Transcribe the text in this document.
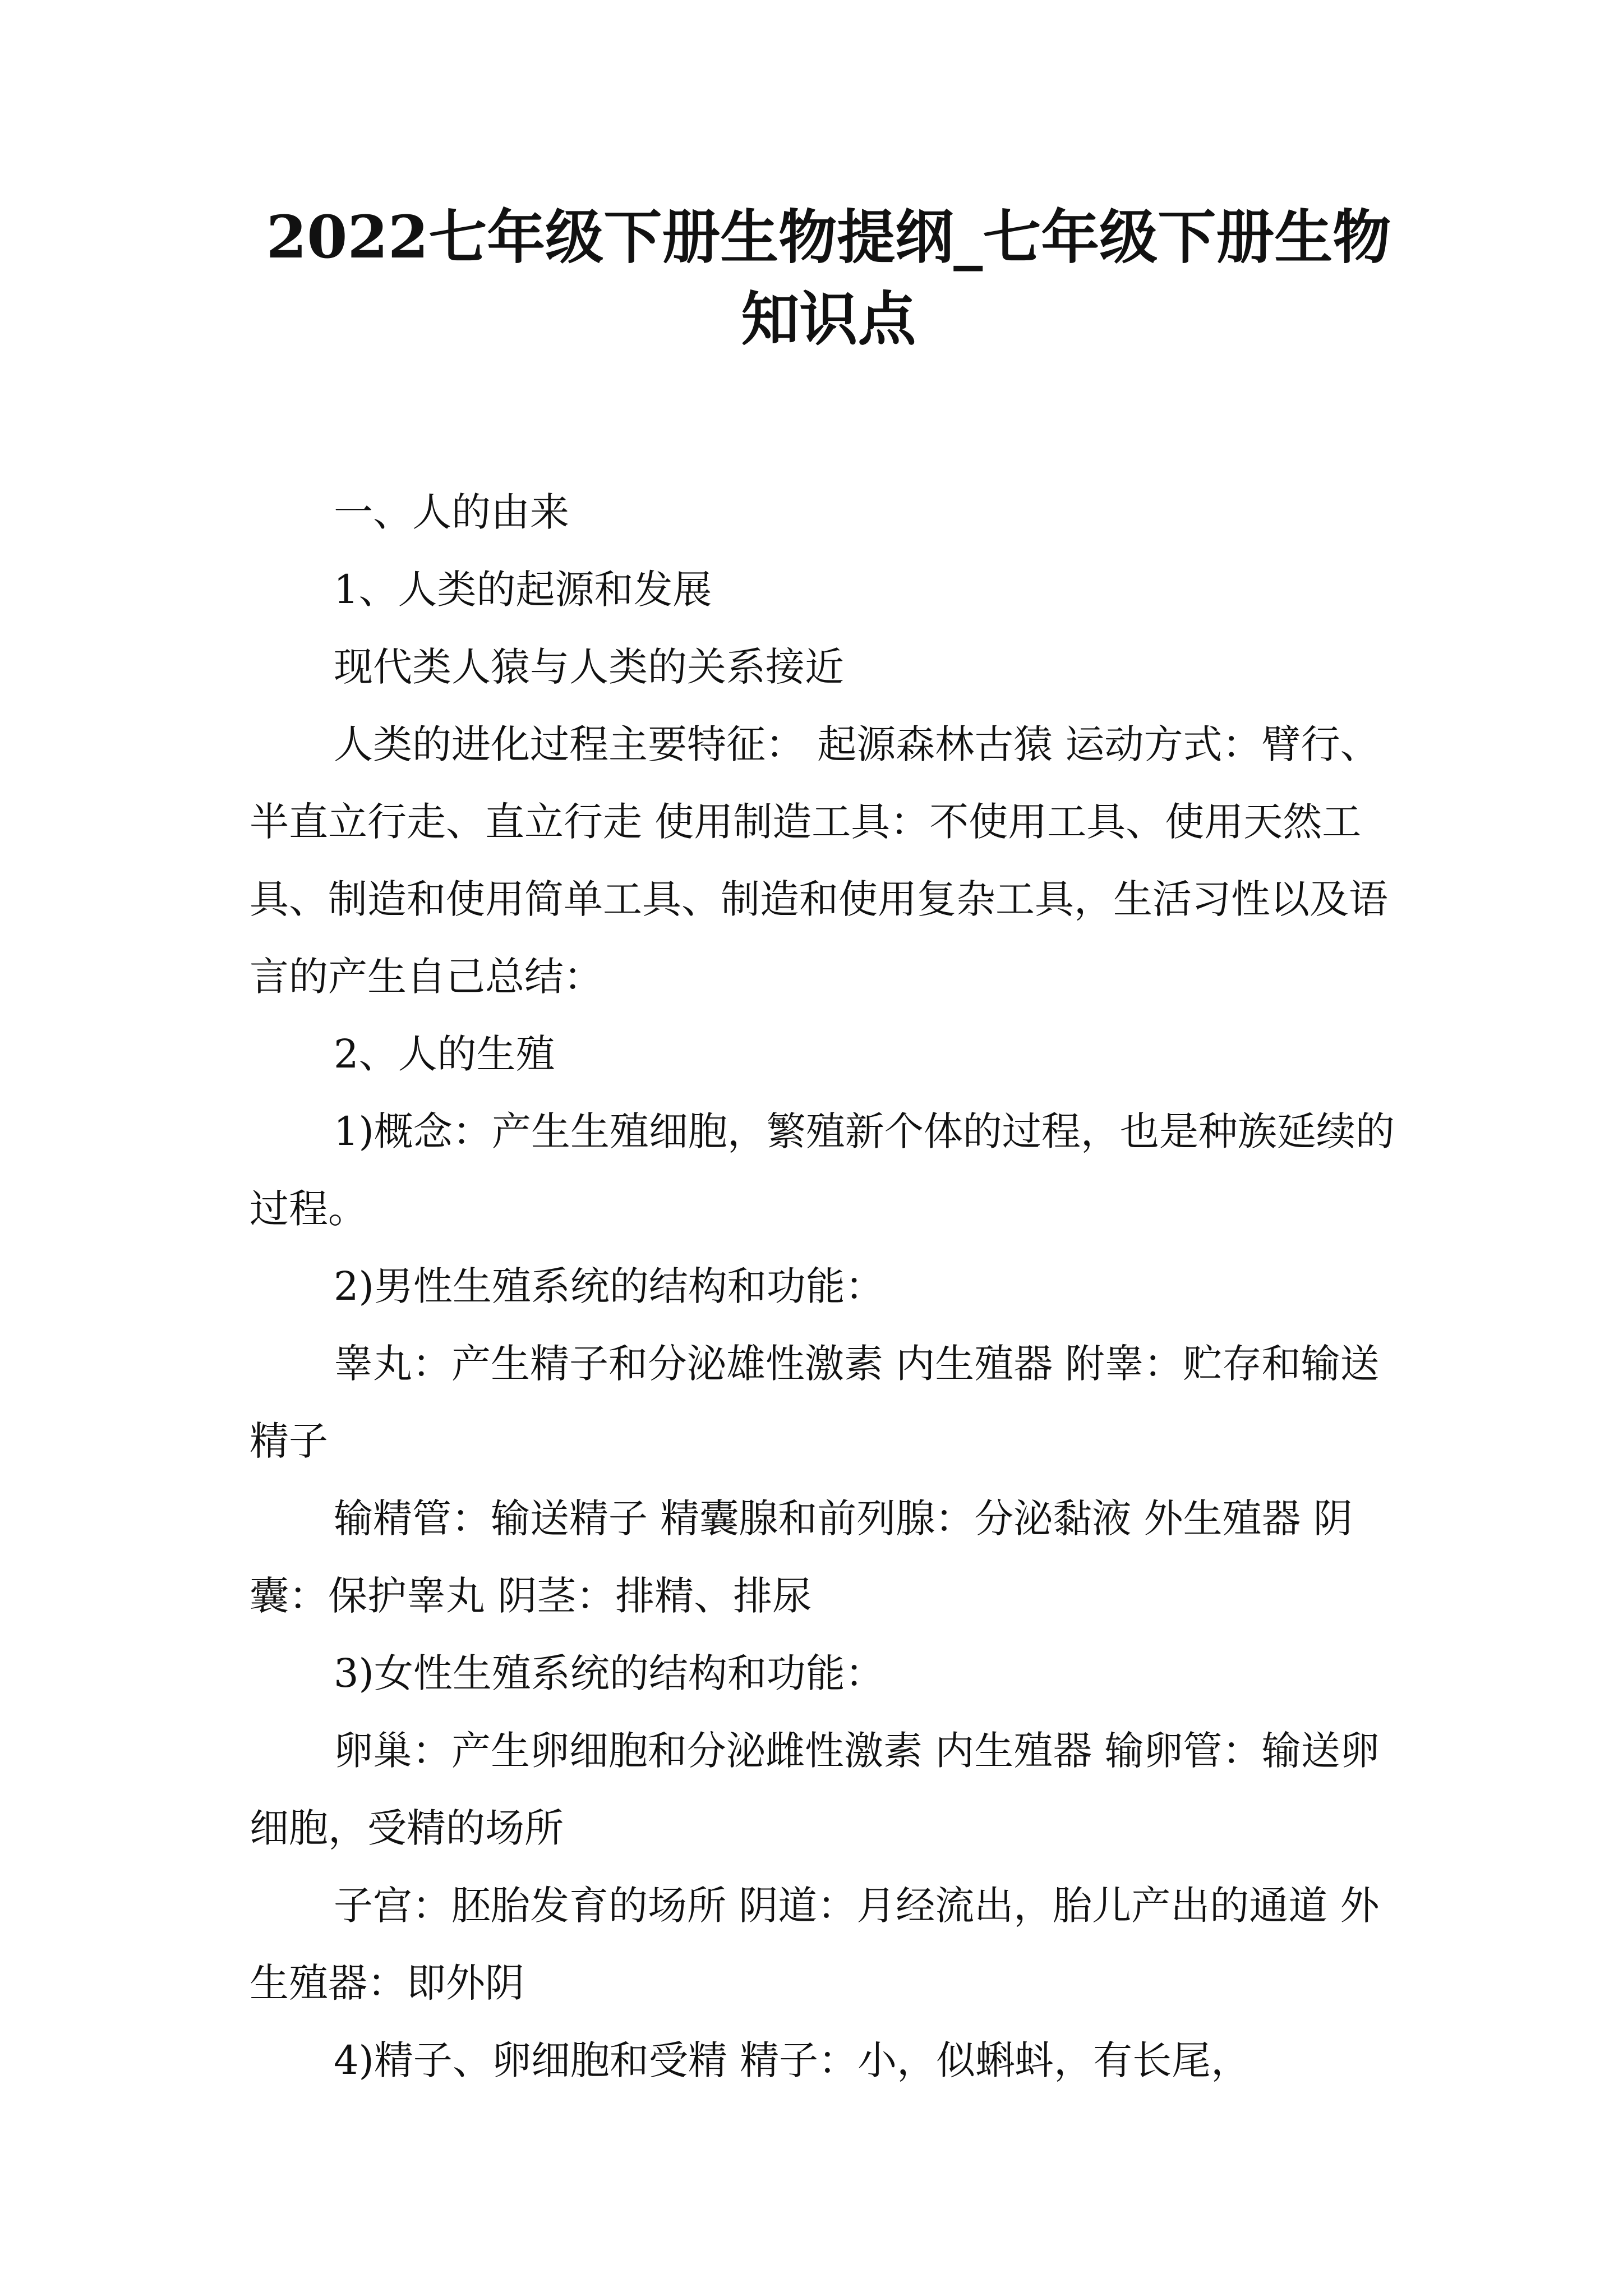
2022七年级下册生物提纲_七年级下册生物知识点

一、人的由来

1、人类的起源和发展

现代类人猿与人类的关系接近

人类的进化过程主要特征： 起源森林古猿 运动方式：臂行、半直立行走、直立行走 使用制造工具：不使用工具、使用天然工具、制造和使用简单工具、制造和使用复杂工具，生活习性以及语言的产生自己总结：

2、人的生殖

1)概念：产生生殖细胞，繁殖新个体的过程，也是种族延续的过程。

2)男性生殖系统的结构和功能：

睾丸：产生精子和分泌雄性激素 内生殖器 附睾：贮存和输送精子

输精管：输送精子 精囊腺和前列腺：分泌黏液 外生殖器 阴囊：保护睾丸 阴茎：排精、排尿

3)女性生殖系统的结构和功能：

卵巢：产生卵细胞和分泌雌性激素 内生殖器 输卵管：输送卵细胞，受精的场所

子宫：胚胎发育的场所 阴道：月经流出，胎儿产出的通道 外生殖器：即外阴

4)精子、卵细胞和受精 精子：小，似蝌蚪，有长尾，
